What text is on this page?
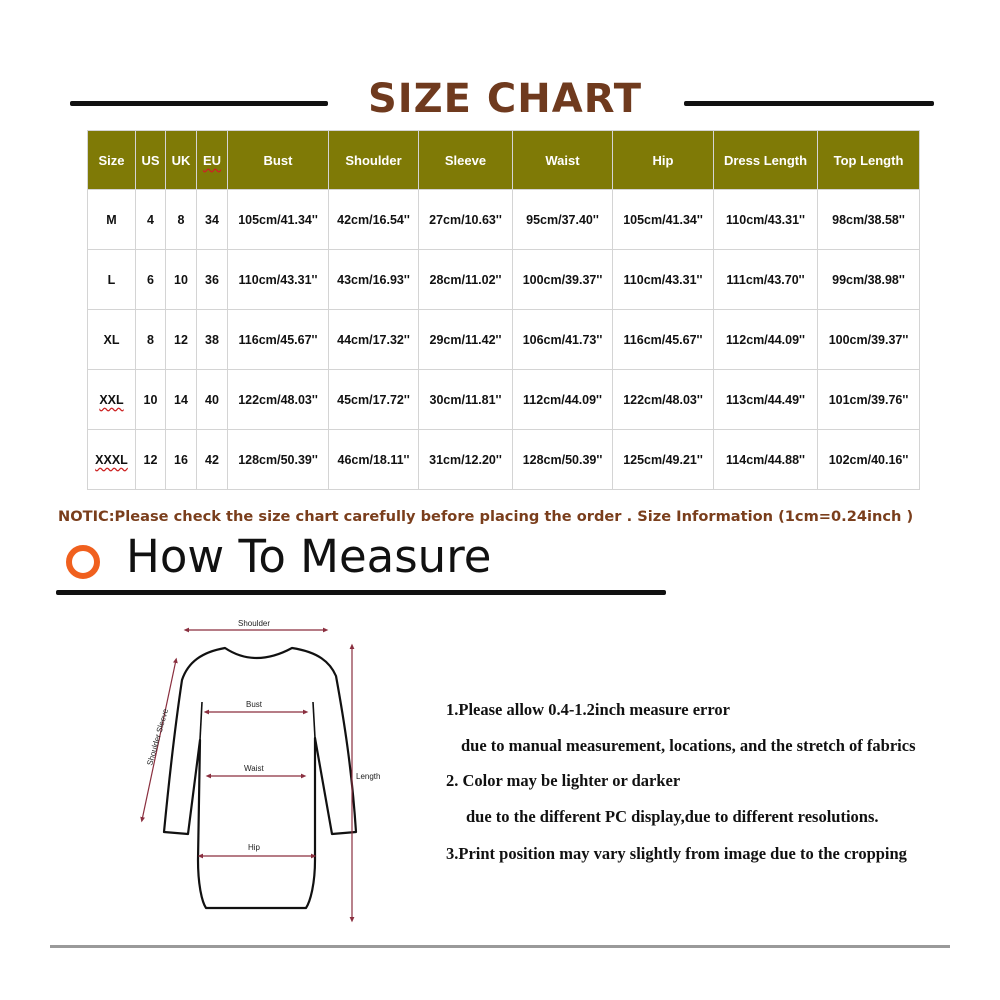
SIZE CHART
Size	US	UK	EU	Bust	Shoulder	Sleeve	Waist	Hip	Dress Length	Top Length
M	4	8	34	105cm/41.34''	42cm/16.54''	27cm/10.63''	95cm/37.40''	105cm/41.34''	110cm/43.31''	98cm/38.58''
L	6	10	36	110cm/43.31''	43cm/16.93''	28cm/11.02''	100cm/39.37''	110cm/43.31''	111cm/43.70''	99cm/38.98''
XL	8	12	38	116cm/45.67''	44cm/17.32''	29cm/11.42''	106cm/41.73''	116cm/45.67''	112cm/44.09''	100cm/39.37''
XXL	10	14	40	122cm/48.03''	45cm/17.72''	30cm/11.81''	112cm/44.09''	122cm/48.03''	113cm/44.49''	101cm/39.76''
XXXL	12	16	42	128cm/50.39''	46cm/18.11''	31cm/12.20''	128cm/50.39''	125cm/49.21''	114cm/44.88''	102cm/40.16''
NOTIC:Please check the size chart carefully before placing the order . Size Information (1cm=0.24inch )
How To Measure
Shoulder
Shoulder Sleeve
Bust
Waist
Hip
Length
1.Please allow 0.4-1.2inch measure error
due to manual measurement, locations, and the stretch of fabrics
2. Color may be lighter or darker
due to the different PC display,due to different resolutions.
3.Print position may vary slightly from image due to the cropping
